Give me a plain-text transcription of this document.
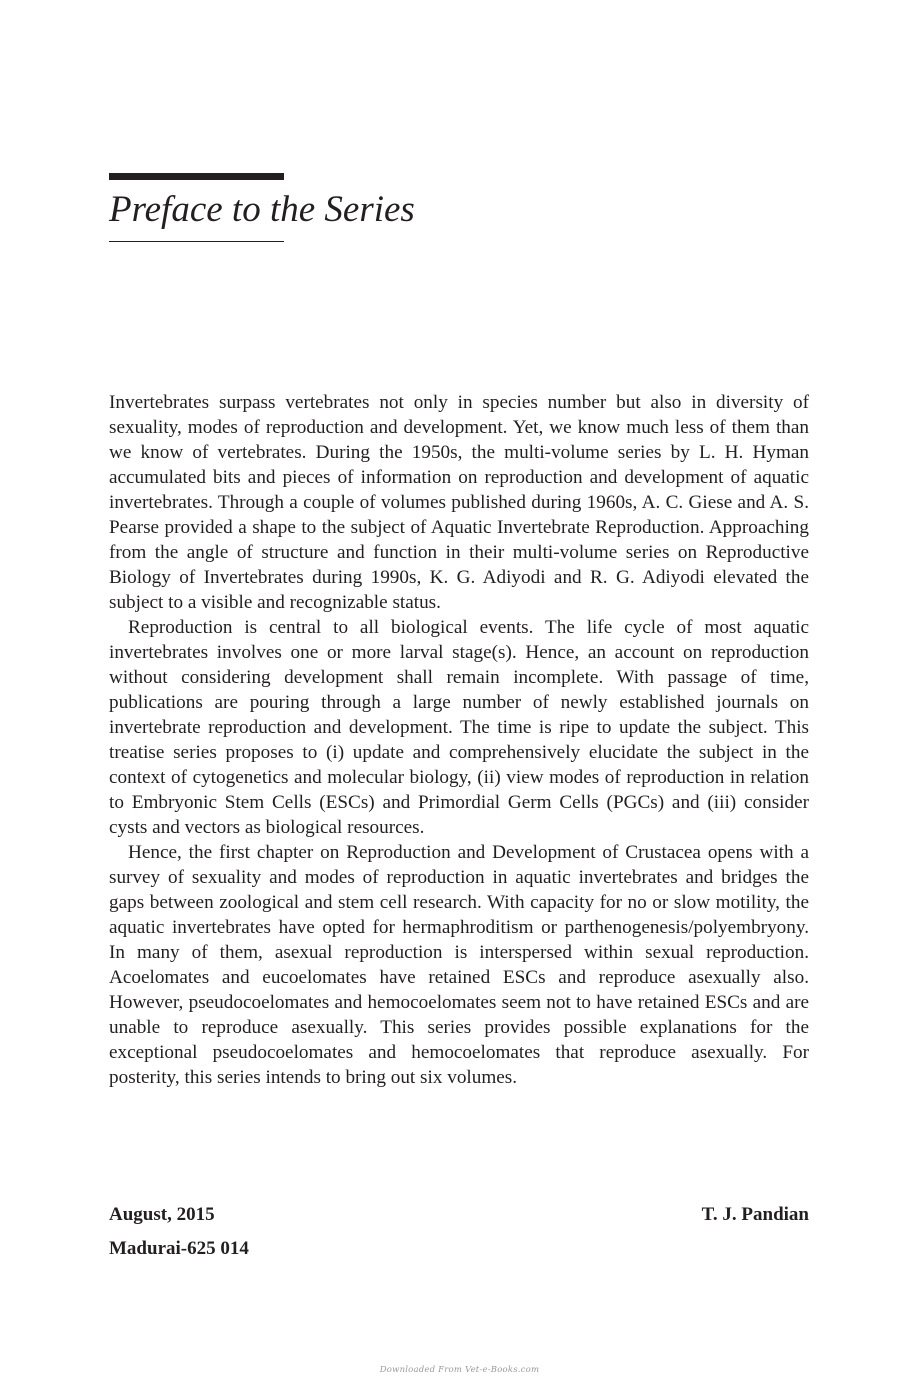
Preface to the Series

Invertebrates surpass vertebrates not only in species number but also in diversity of sexuality, modes of reproduction and development. Yet, we know much less of them than we know of vertebrates. During the 1950s, the multi-volume series by L. H. Hyman accumulated bits and pieces of information on reproduction and development of aquatic invertebrates. Through a couple of volumes published during 1960s, A. C. Giese and A. S. Pearse provided a shape to the subject of Aquatic Invertebrate Reproduction. Approaching from the angle of structure and function in their multi-volume series on Reproductive Biology of Invertebrates during 1990s, K. G. Adiyodi and R. G. Adiyodi elevated the subject to a visible and recognizable status.

Reproduction is central to all biological events. The life cycle of most aquatic invertebrates involves one or more larval stage(s). Hence, an account on reproduction without considering development shall remain incomplete. With passage of time, publications are pouring through a large number of newly established journals on invertebrate reproduction and development. The time is ripe to update the subject. This treatise series proposes to (i) update and comprehensively elucidate the subject in the context of cytogenetics and molecular biology, (ii) view modes of reproduction in relation to Embryonic Stem Cells (ESCs) and Primordial Germ Cells (PGCs) and (iii) consider cysts and vectors as biological resources.

Hence, the first chapter on Reproduction and Development of Crustacea opens with a survey of sexuality and modes of reproduction in aquatic invertebrates and bridges the gaps between zoological and stem cell research. With capacity for no or slow motility, the aquatic invertebrates have opted for hermaphroditism or parthenogenesis/polyembryony. In many of them, asexual reproduction is interspersed within sexual reproduction. Acoelomates and eucoelomates have retained ESCs and reproduce asexually also. However, pseudocoelomates and hemocoelomates seem not to have retained ESCs and are unable to reproduce asexually. This series provides possible explanations for the exceptional pseudocoelomates and hemocoelomates that reproduce asexually. For posterity, this series intends to bring out six volumes.

August, 2015	T. J. Pandian
Madurai-625 014
Downloaded From Vet-e-Books.com
